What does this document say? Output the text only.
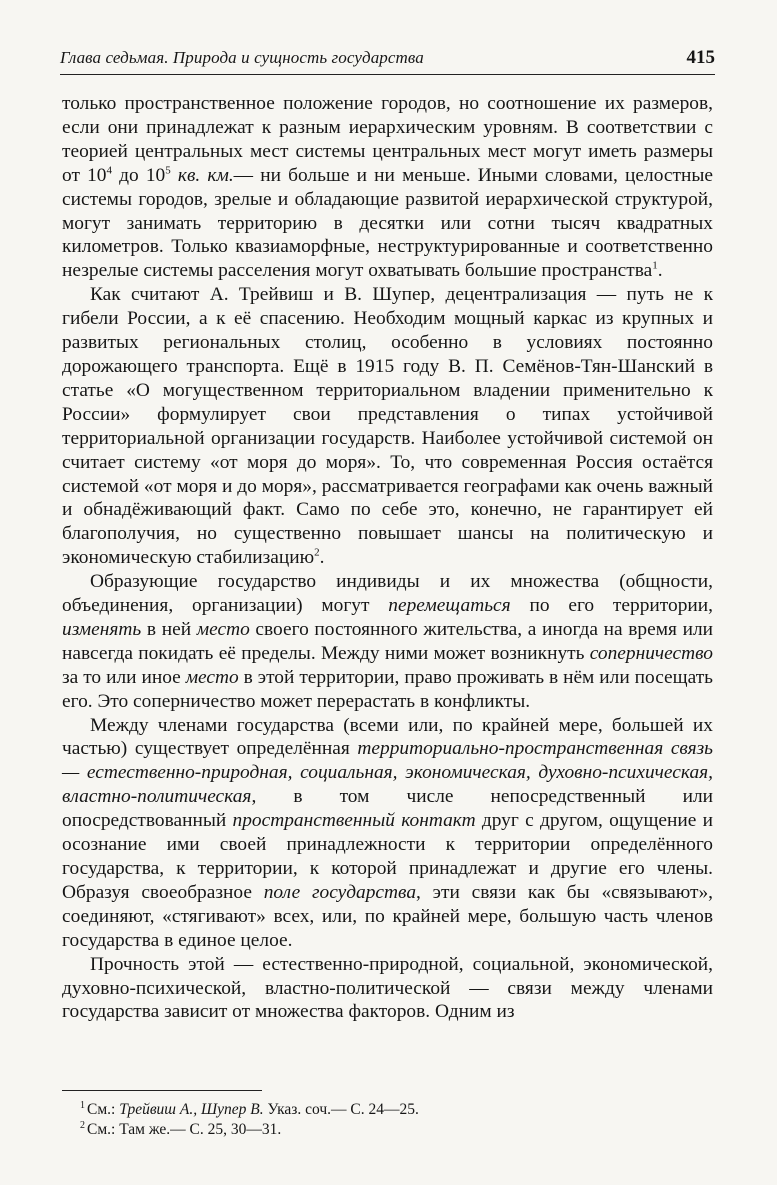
Глава седьмая. Природа и сущность государства	415

только пространственное положение городов, но соотношение их размеров, если они принадлежат к разным иерархическим уровням. В соответствии с теорией центральных мест системы центральных мест могут иметь размеры от $10^4$ до $10^5$ кв. км.— ни больше и ни меньше. Иными словами, целостные системы городов, зрелые и обладающие развитой иерархической структурой, могут занимать территорию в десятки или сотни тысяч квадратных километров. Только квазиаморфные, неструктурированные и соответственно незрелые системы расселения могут охватывать большие пространства$^1$.

Как считают А. Трейвиш и В. Шупер, децентрализация — путь не к гибели России, а к её спасению. Необходим мощный каркас из крупных и развитых региональных столиц, особенно в условиях постоянно дорожающего транспорта. Ещё в 1915 году В. П. Семёнов-Тян-Шанский в статье «О могущественном территориальном владении применительно к России» формулирует свои представления о типах устойчивой территориальной организации государств. Наиболее устойчивой системой он считает систему «от моря до моря». То, что современная Россия остаётся системой «от моря и до моря», рассматривается географами как очень важный и обнадёживающий факт. Само по себе это, конечно, не гарантирует ей благополучия, но существенно повышает шансы на политическую и экономическую стабилизацию$^2$.

Образующие государство индивиды и их множества (общности, объединения, организации) могут перемещаться по его территории, изменять в ней место своего постоянного жительства, а иногда на время или навсегда покидать её пределы. Между ними может возникнуть соперничество за то или иное место в этой территории, право проживать в нём или посещать его. Это соперничество может перерастать в конфликты.

Между членами государства (всеми или, по крайней мере, большей их частью) существует определённая территориально-пространственная связь — естественно-природная, социальная, экономическая, духовно-психическая, властно-политическая, в том числе непосредственный или опосредствованный пространственный контакт друг с другом, ощущение и осознание ими своей принадлежности к территории определённого государства, к территории, к которой принадлежат и другие его члены. Образуя своеобразное поле государства, эти связи как бы «связывают», соединяют, «стягивают» всех, или, по крайней мере, большую часть членов государства в единое целое.

Прочность этой — естественно-природной, социальной, экономической, духовно-психической, властно-политической — связи между членами государства зависит от множества факторов. Одним из

$^1$ См.: Трейвиш А., Шупер В. Указ. соч.— С. 24—25.
$^2$ См.: Там же.— С. 25, 30—31.
